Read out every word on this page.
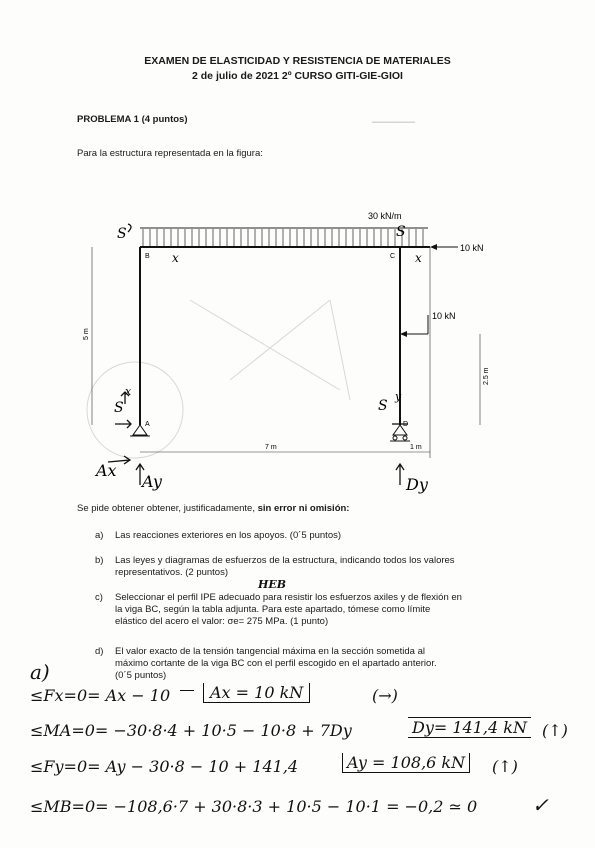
EXAMEN DE ELASTICIDAD Y RESISTENCIA DE MATERIALES
2 de julio de 2021 2º CURSO GITI-GIE-GIOI
▔▔▔▔▔▔▔▔
PROBLEMA 1 (4 puntos)
Para la estructura representada en la figura:
30 kN/m
10 kN
10 kN
B	C
A	D
5 m
2.5 m
7 m	1 m
S	S
x	x
S	S
y
x
Ax
Ay	Dy
Se pide obtener obtener, justificadamente, sin error ni omisión:
a) Las reacciones exteriores en los apoyos. (0´5 puntos)
b) Las leyes y diagramas de esfuerzos de la estructura, indicando todos los valores
representativos. (2 puntos)
HEB
c) Seleccionar el perfil IPE adecuado para resistir los esfuerzos axiles y de flexión en
la viga BC, según la tabla adjunta. Para este apartado, tómese como límite
elástico del acero el valor: σe= 275 MPa. (1 punto)
d) El valor exacto de la tensión tangencial máxima en la sección sometida al
máximo cortante de la viga BC con el perfil escogido en el apartado anterior.
(0´5 puntos)
a)
≤Fx=0= Ax − 10	Ax = 10 kN	(→)
≤MA=0= −30·8·4 + 10·5 − 10·8 + 7Dy	Dy= 141,4 kN (↑)
≤Fy=0= Ay − 30·8 − 10 + 141,4	Ay = 108,6 kN	(↑)
≤MB=0= −108,6·7 + 30·8·3 + 10·5 − 10·1 = −0,2 ≃ 0	✓
